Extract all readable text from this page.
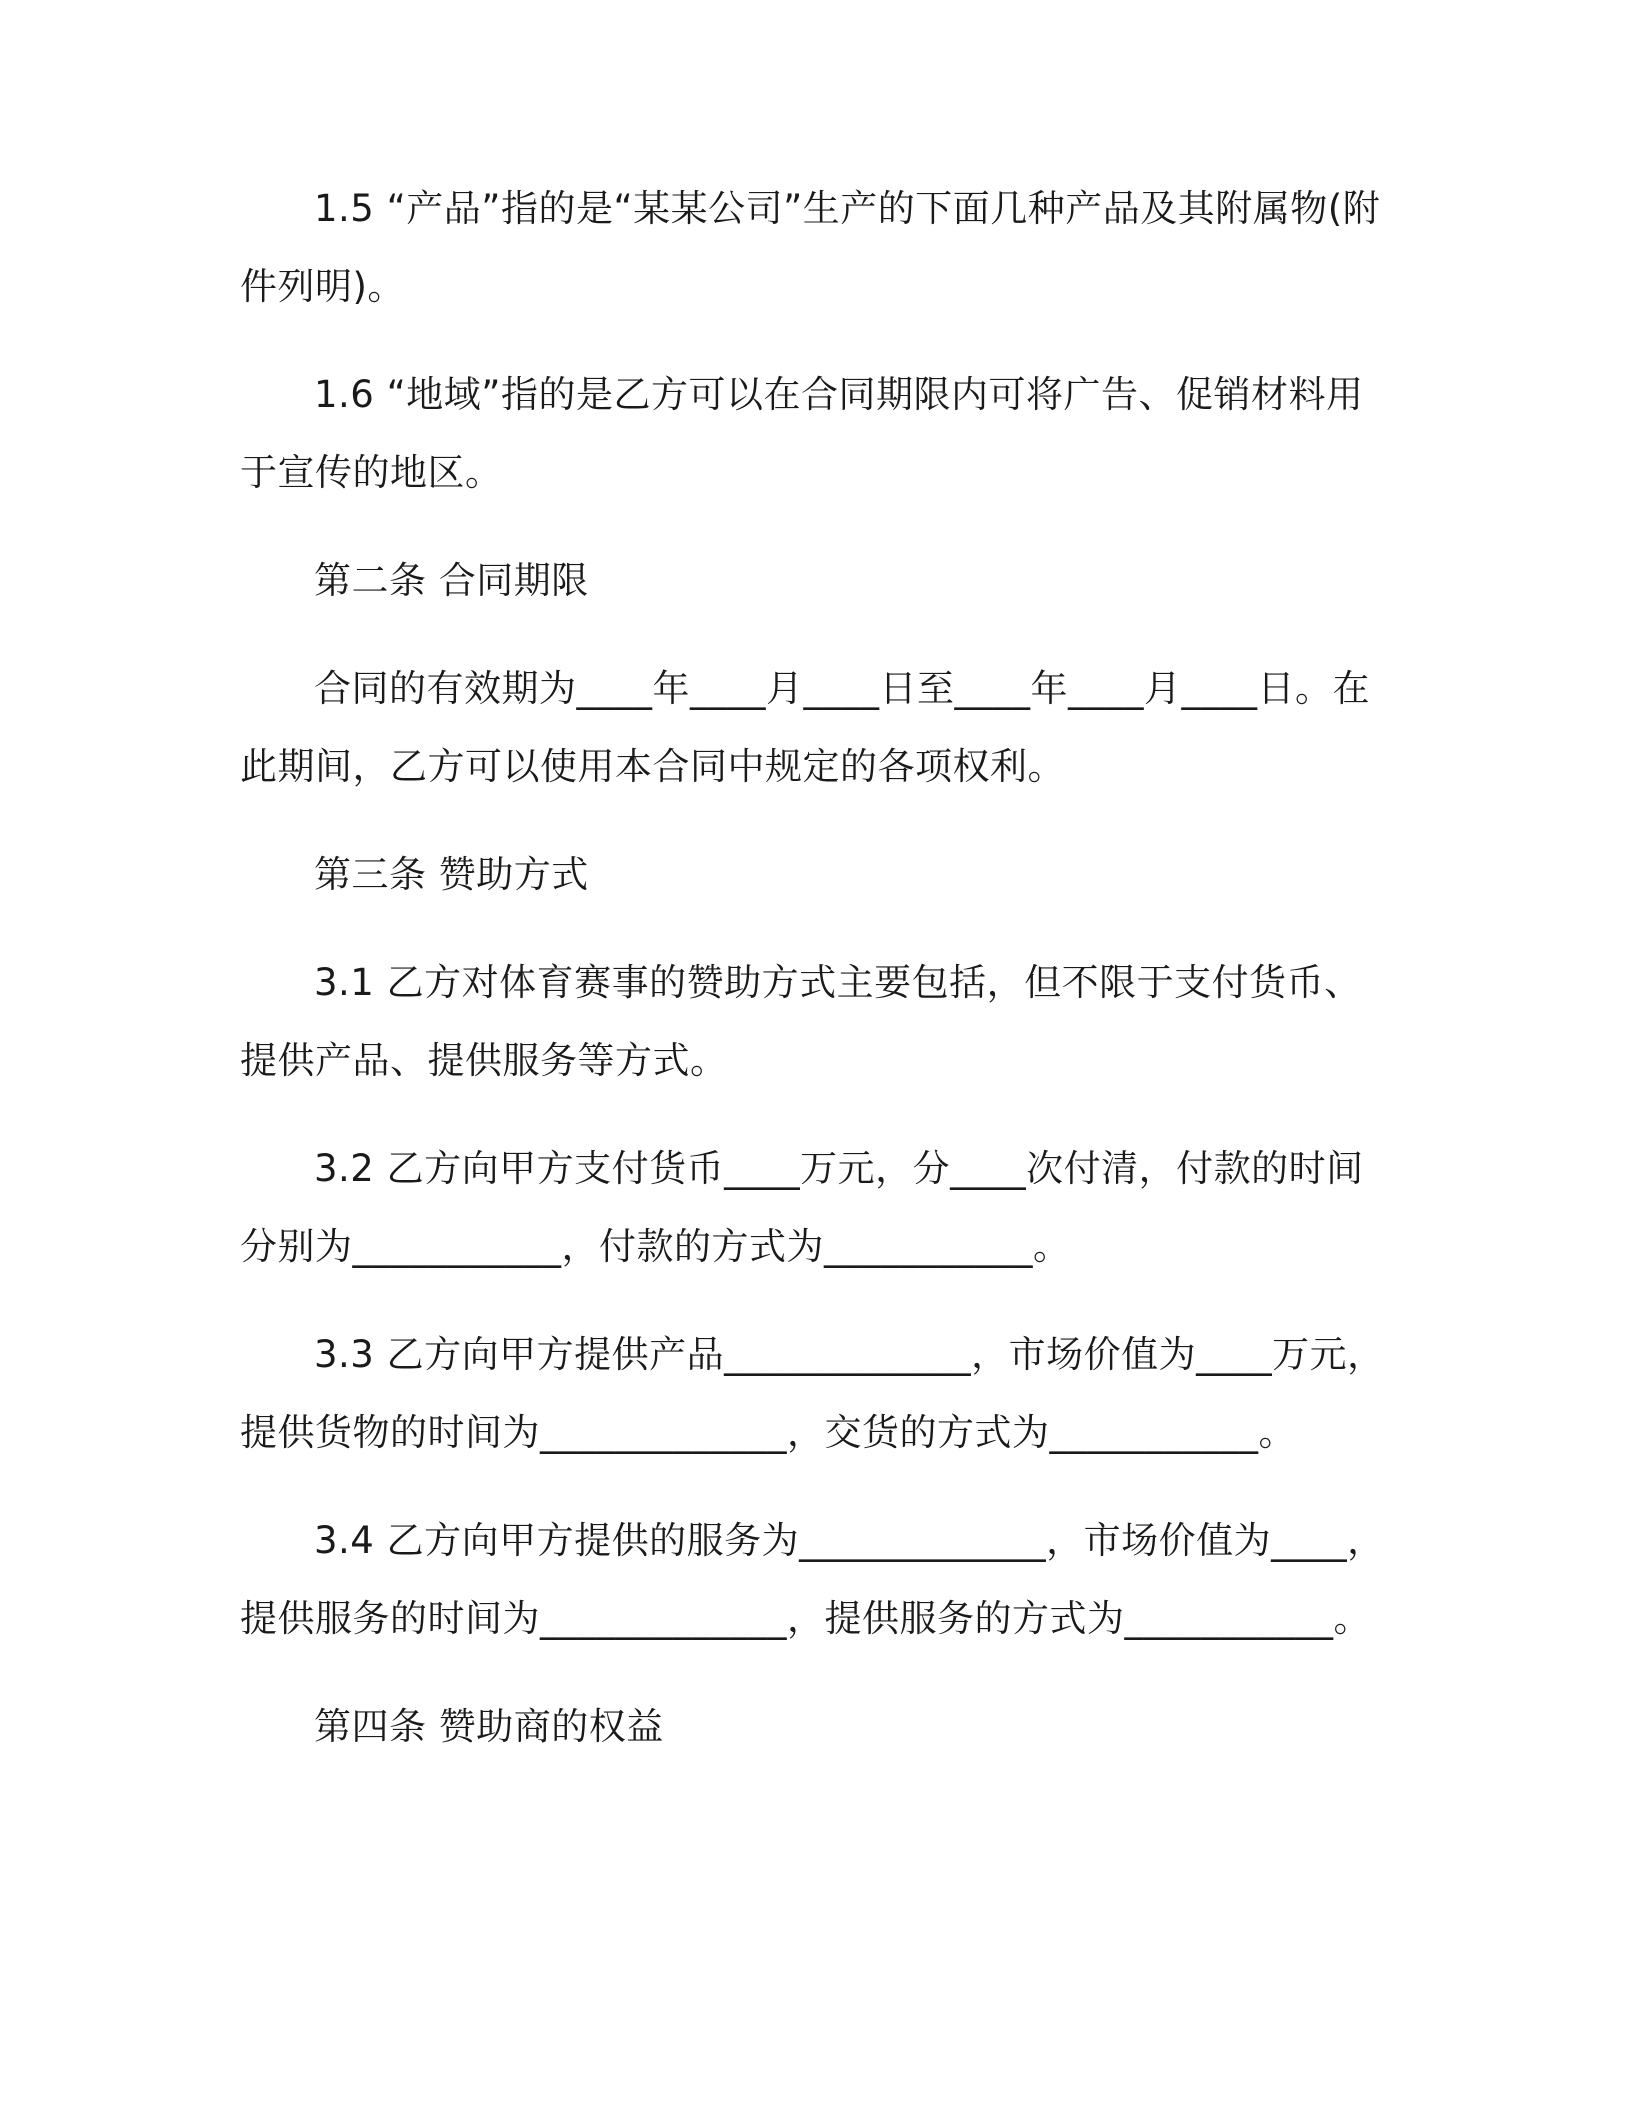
1.5 “产品”指的是“某某公司”生产的下面几种产品及其附属物(附件列明)。

1.6 “地域”指的是乙方可以在合同期限内可将广告、促销材料用于宣传的地区。

第二条 合同期限

合同的有效期为____年____月____日至____年____月____日。在此期间，乙方可以使用本合同中规定的各项权利。

第三条 赞助方式

3.1 乙方对体育赛事的赞助方式主要包括，但不限于支付货币、提供产品、提供服务等方式。

3.2 乙方向甲方支付货币____万元，分____次付清，付款的时间分别为___________，付款的方式为___________。

3.3 乙方向甲方提供产品_____________，市场价值为____万元，提供货物的时间为_____________，交货的方式为___________。

3.4 乙方向甲方提供的服务为_____________，市场价值为____，提供服务的时间为_____________，提供服务的方式为___________。

第四条 赞助商的权益
